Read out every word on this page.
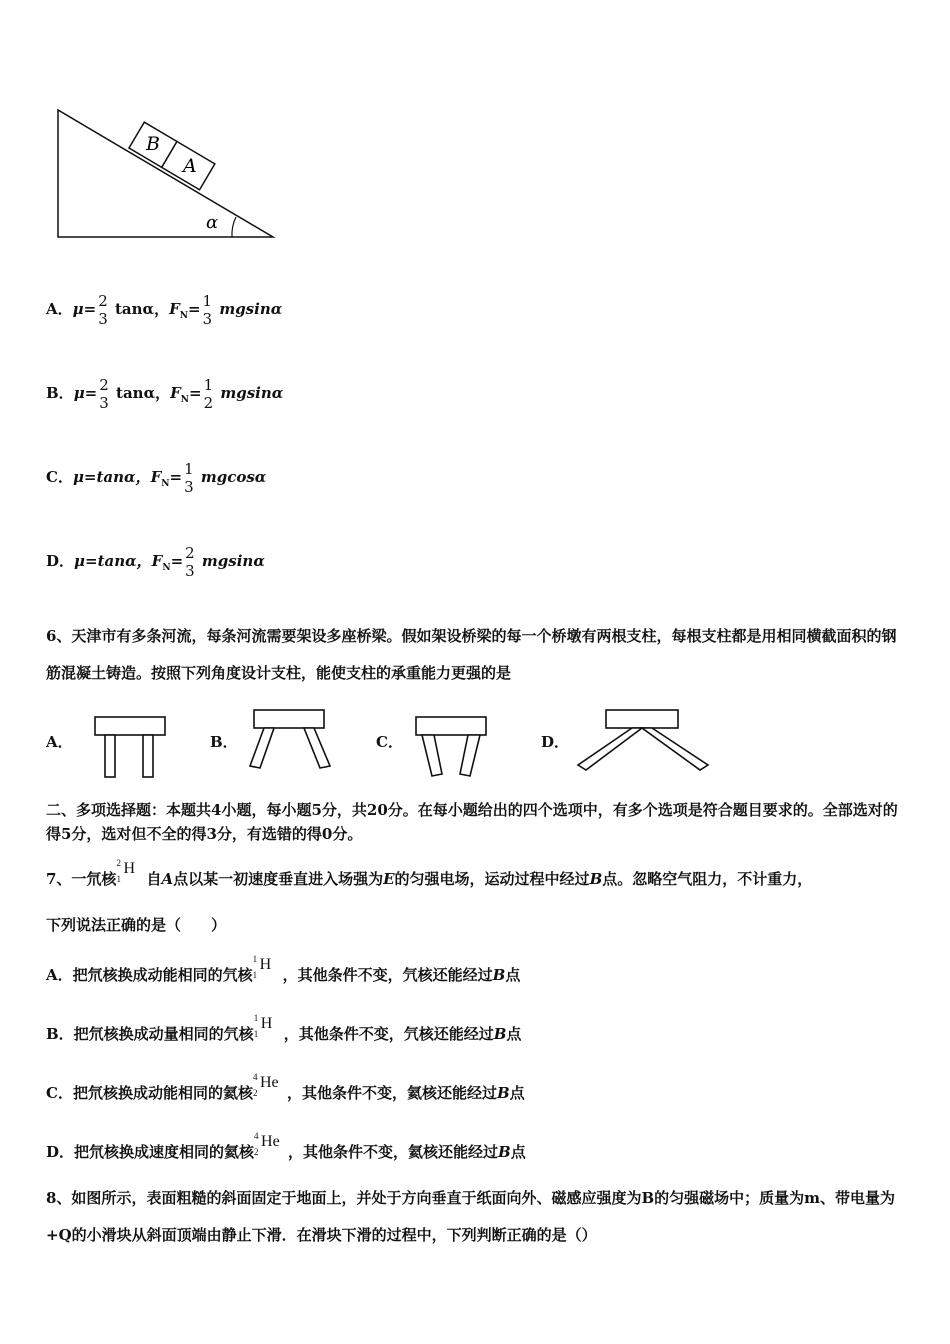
B
A
α
A．μ= 2
3
tanα，$F_N= 1$
3
mgsinα
B．μ= 2
3
tanα，$F_N= 1$
2
mgsinα
C．μ=tanα，$F_N= 1$
3
mgcosα
D．μ=tanα，$F_N= 2$
3
mgsinα
6、天津市有多条河流，每条河流需要架设多座桥梁。假如架设桥梁的每一个桥墩有两根支柱，每根支柱都是用相同横截面积的钢筋混凝土铸造。按照下列角度设计支柱，能使支柱的承重能力更强的是
A．	B．	C．	D．
二、多项选择题：本题共4小题，每小题5分，共20分。在每小题给出的四个选项中，有多个选项是符合题目要求的。全部选对的得5分，选对但不全的得3分，有选错的得0分。
7、一氘核
2
1
H
自A点以某一初速度垂直进入场强为E的匀强电场，运动过程中经过B点。忽略空气阻力，不计重力，
下列说法正确的是（　　）
A．把氘核换成动能相同的氕核
1
1
H
，其他条件不变，氕核还能经过B点
B．把氘核换成动量相同的氕核
1
1
H
，其他条件不变，氕核还能经过B点
C．把氘核换成动能相同的氦核
4
2
He
，其他条件不变，氦核还能经过B点
D．把氘核换成速度相同的氦核
4
2
He
，其他条件不变，氦核还能经过B点
8、如图所示，表面粗糙的斜面固定于地面上，并处于方向垂直于纸面向外、磁感应强度为B的匀强磁场中；质量为m、带电量为+Q的小滑块从斜面顶端由静止下滑．在滑块下滑的过程中，下列判断正确的是（）
